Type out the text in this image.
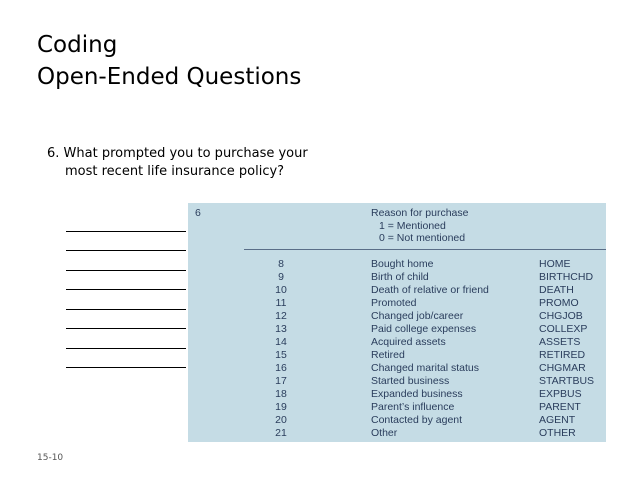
Coding
Open-Ended Questions
6. What prompted you to purchase your
most recent life insurance policy?
6	Reason for purchase
1 = Mentioned
0 = Not mentioned
8	Bought home	HOME
9	Birth of child	BIRTHCHD
10	Death of relative or friend	DEATH
11	Promoted	PROMO
12	Changed job/career	CHGJOB
13	Paid college expenses	COLLEXP
14	Acquired assets	ASSETS
15	Retired	RETIRED
16	Changed marital status	CHGMAR
17	Started business	STARTBUS
18	Expanded business	EXPBUS
19	Parent’s influence	PARENT
20	Contacted by agent	AGENT
21	Other	OTHER
15-10
